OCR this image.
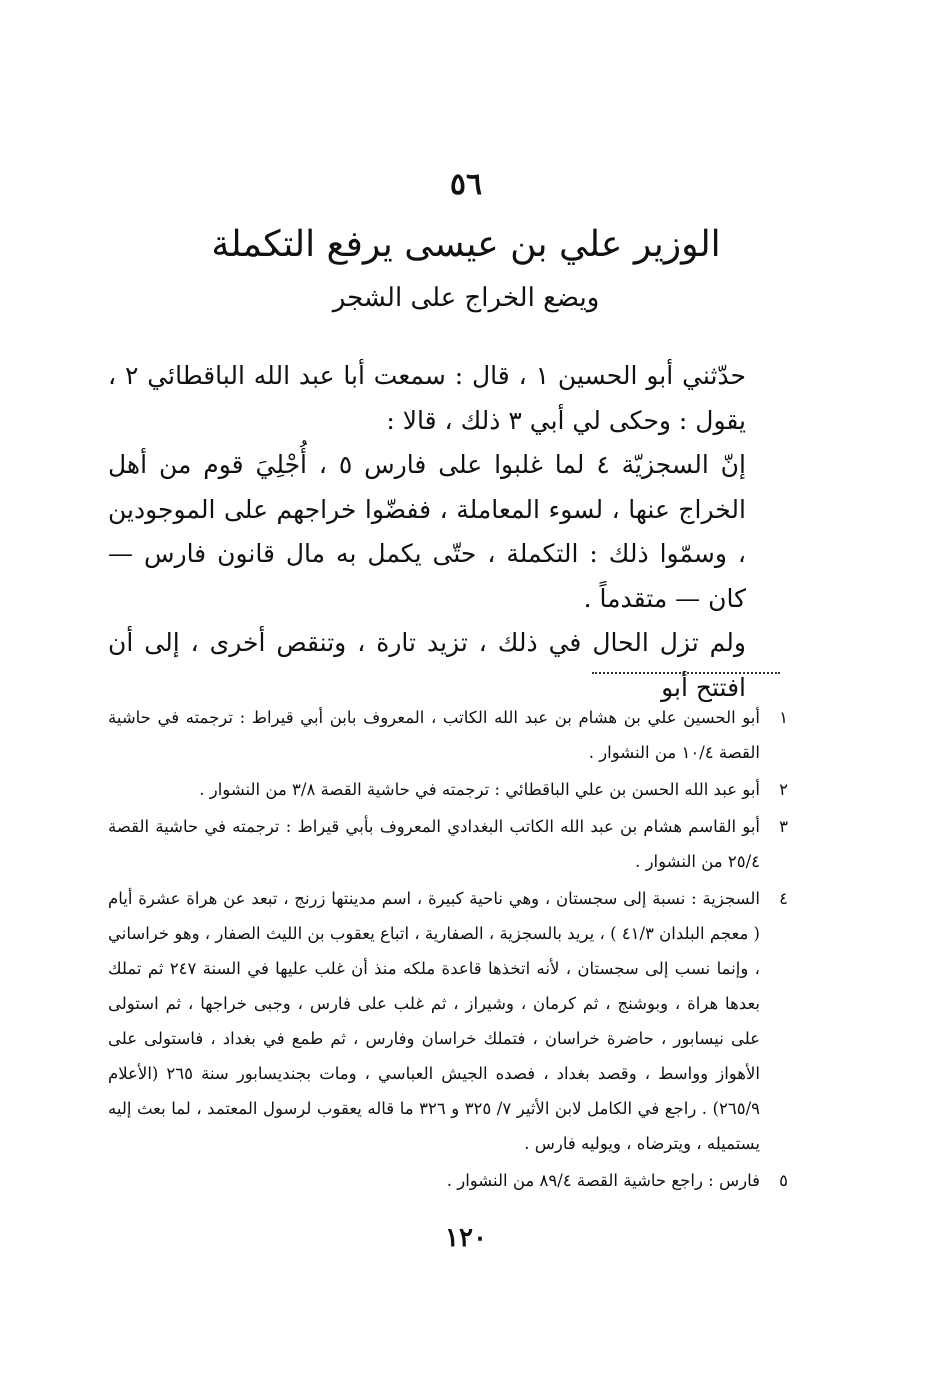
٥٦
الوزير علي بن عيسى يرفع التكملة
ويضع الخراج على الشجر

حدّثني أبو الحسين ١ ، قال : سمعت أبا عبد الله الباقطائي ٢ ، يقول : وحكى لي أبي ٣ ذلك ، قالا :

إنّ السجزيّة ٤ لما غلبوا على فارس ٥ ، أُجْلِيَ قوم من أهل الخراج عنها ، لسوء المعاملة ، ففضّوا خراجهم على الموجودين ، وسمّوا ذلك : التكملة ، حتّى يكمل به مال قانون فارس — كان — متقدماً .

ولم تزل الحال في ذلك ، تزيد تارة ، وتنقص أخرى ، إلى أن افتتح أبو

١
أبو الحسين علي بن هشام بن عبد الله الكاتب ، المعروف بابن أبي قيراط : ترجمته في حاشية القصة ١٠/٤ من النشوار .
٢
أبو عبد الله الحسن بن علي الباقطائي : ترجمته في حاشية القصة ٣/٨ من النشوار .
٣
أبو القاسم هشام بن عبد الله الكاتب البغدادي المعروف بأبي قيراط : ترجمته في حاشية القصة ٢٥/٤ من النشوار .
٤
السجزية : نسبة إلى سجستان ، وهي ناحية كبيرة ، اسم مدينتها زرنج ، تبعد عن هراة عشرة أيام ( معجم البلدان ٤١/٣ ) ، يريد بالسجزية ، الصفارية ، اتباع يعقوب بن الليث الصفار ، وهو خراساني ، وإنما نسب إلى سجستان ، لأنه اتخذها قاعدة ملكه منذ أن غلب عليها في السنة ٢٤٧ ثم تملك بعدها هراة ، وبوشنج ، ثم كرمان ، وشيراز ، ثم غلب على فارس ، وجبى خراجها ، ثم استولى على نيسابور ، حاضرة خراسان ، فتملك خراسان وفارس ، ثم طمع في بغداد ، فاستولى على الأهواز وواسط ، وقصد بغداد ، فصده الجيش العباسي ، ومات بجنديسابور سنة ٢٦٥ (الأعلام ٢٦٥/٩) . راجع في الكامل لابن الأثير ٧/ ٣٢٥ و ٣٢٦ ما قاله يعقوب لرسول المعتمد ، لما بعث إليه يستميله ، ويترضاه ، ويوليه فارس .
٥
فارس : راجع حاشية القصة ٨٩/٤ من النشوار .
١٢٠
